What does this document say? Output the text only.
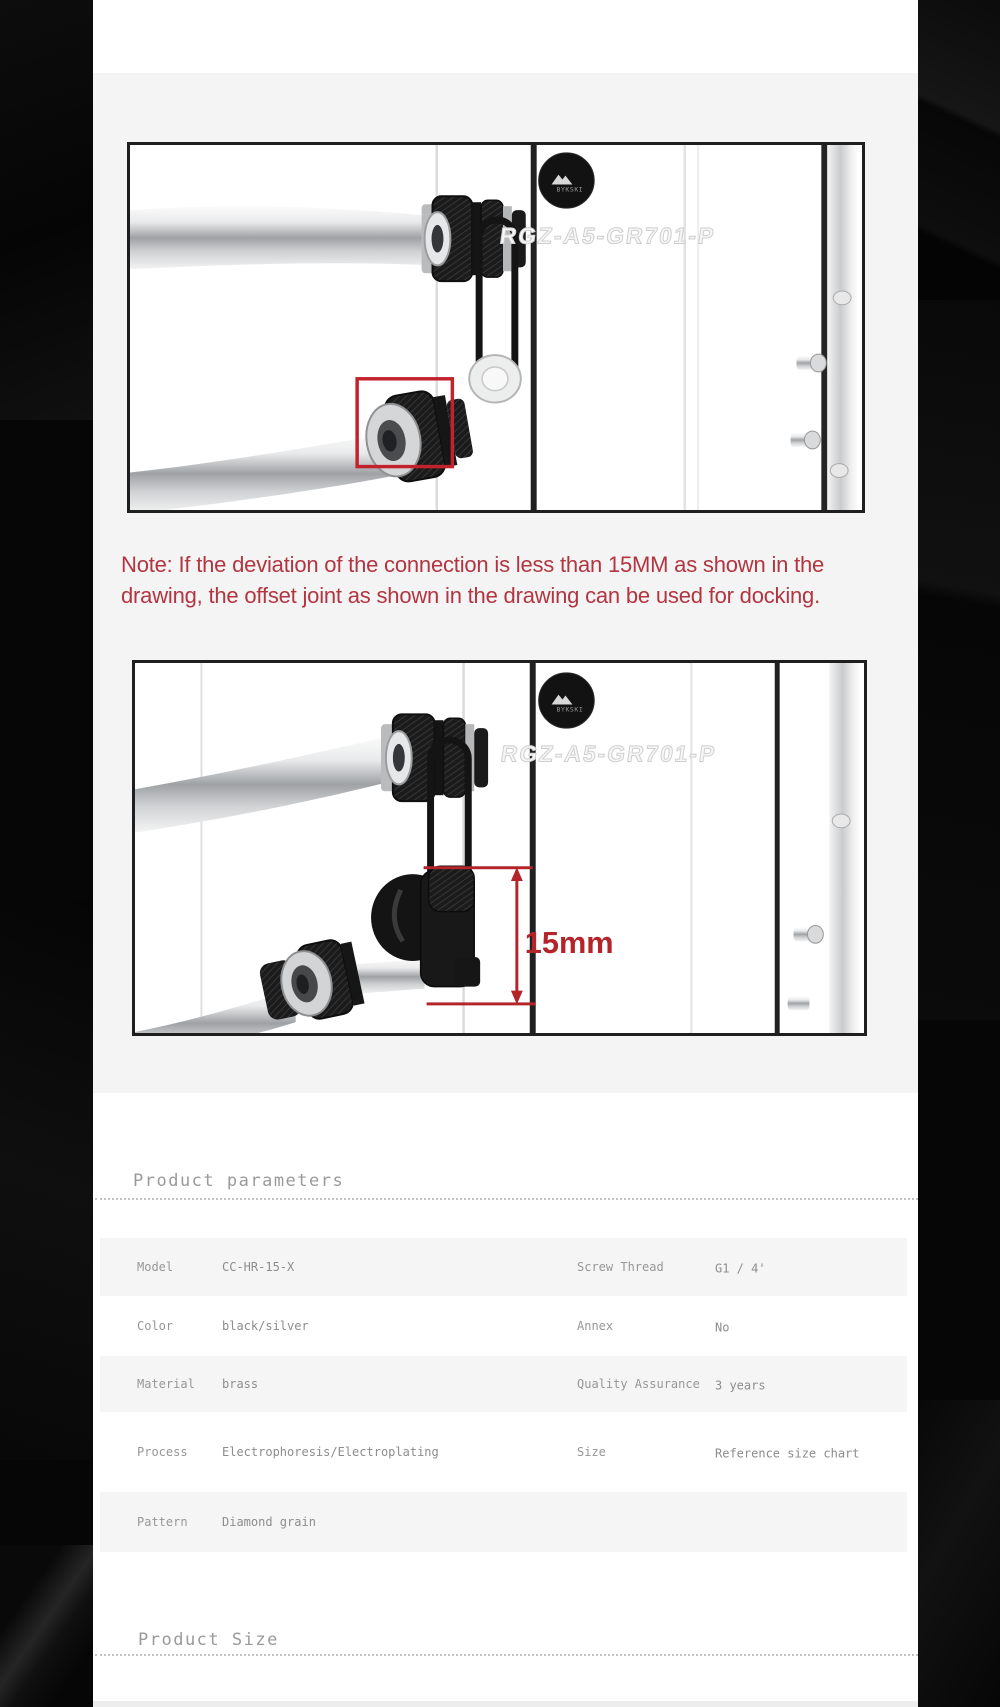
BYKSKI
RGZ-A5-GR701-P
Note: If the deviation of the connection is less than 15MM as shown in the
drawing, the offset joint as shown in the drawing can be used for docking.
15mm
BYKSKI
RGZ-A5-GR701-P
Product parameters
Model	CC-HR-15-X	Screw Thread	G1 / 4'
Color	black/silver	Annex	No
Material brass	Quality Assurance 3 years
Process	Electrophoresis/Electroplating	Size	Reference size chart
Pattern	Diamond grain
Product Size
